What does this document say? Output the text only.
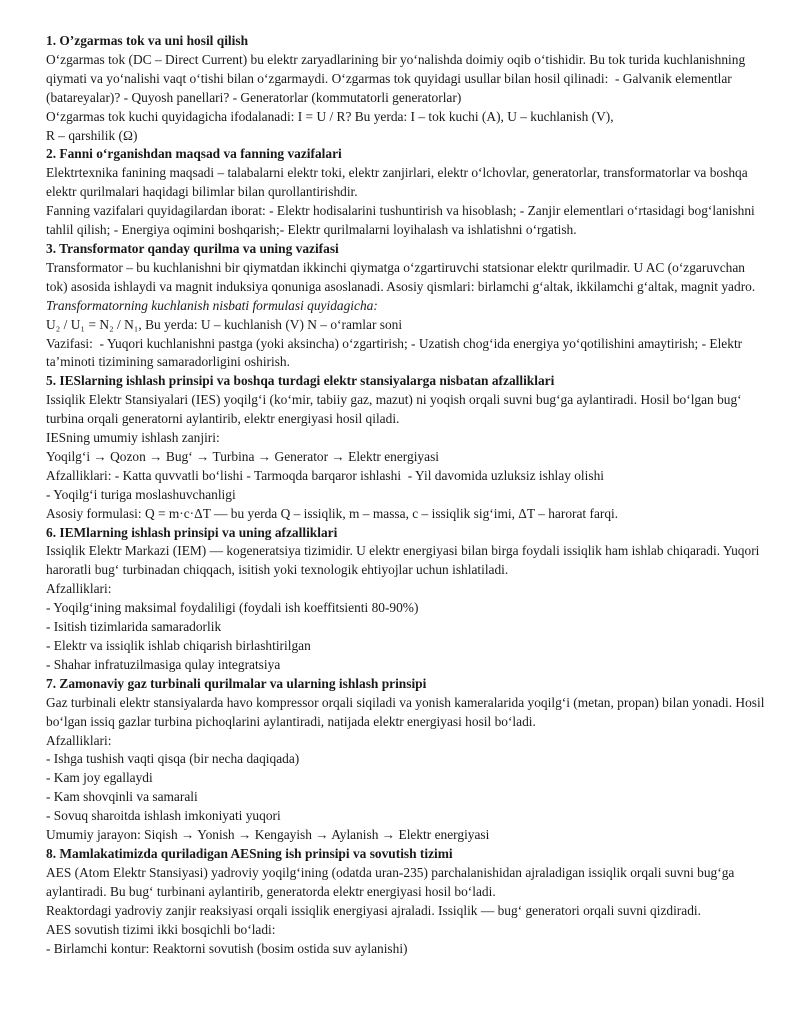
1. O’zgarmas tok va uni hosil qilish

O‘zgarmas tok (DC – Direct Current) bu elektr zaryadlarining bir yo‘nalishda doimiy oqib o‘tishidir. Bu tok turida kuchlanishning qiymati va yo‘nalishi vaqt o‘tishi bilan o‘zgarmaydi. O‘zgarmas tok quyidagi usullar bilan hosil qilinadi:  - Galvanik elementlar (batareyalar)? - Quyosh panellari? - Generatorlar (kommutatorli generatorlar)

O‘zgarmas tok kuchi quyidagicha ifodalanadi: I = U / R? Bu yerda: I – tok kuchi (A), U – kuchlanish (V),

R – qarshilik (Ω)

2. Fanni o‘rganishdan maqsad va fanning vazifalari

Elektrtexnika fanining maqsadi – talabalarni elektr toki, elektr zanjirlari, elektr o‘lchovlar, generatorlar, transformatorlar va boshqa elektr qurilmalari haqidagi bilimlar bilan qurollantirishdir.

Fanning vazifalari quyidagilardan iborat: - Elektr hodisalarini tushuntirish va hisoblash; - Zanjir elementlari o‘rtasidagi bog‘lanishni tahlil qilish; - Energiya oqimini boshqarish;- Elektr qurilmalarni loyihalash va ishlatishni o‘rgatish.

3. Transformator qanday qurilma va uning vazifasi

Transformator – bu kuchlanishni bir qiymatdan ikkinchi qiymatga o‘zgartiruvchi statsionar elektr qurilmadir. U AC (o‘zgaruvchan tok) asosida ishlaydi va magnit induksiya qonuniga asoslanadi. Asosiy qismlari: birlamchi g‘altak, ikkilamchi g‘altak, magnit yadro.

Transformatorning kuchlanish nisbati formulasi quyidagicha:

U₂ / U₁ = N₂ / N₁, Bu yerda: U – kuchlanish (V) N – o‘ramlar soni

Vazifasi:  - Yuqori kuchlanishni pastga (yoki aksincha) o‘zgartirish; - Uzatish chog‘ida energiya yo‘qotilishini amaytirish; - Elektr ta’minoti tizimining samaradorligini oshirish.

5. IESlarning ishlash prinsipi va boshqa turdagi elektr stansiyalarga nisbatan afzalliklari

Issiqlik Elektr Stansiyalari (IES) yoqilg‘i (ko‘mir, tabiiy gaz, mazut) ni yoqish orqali suvni bug‘ga aylantiradi. Hosil bo‘lgan bug‘ turbina orqali generatorni aylantirib, elektr energiyasi hosil qiladi.

IESning umumiy ishlash zanjiri:

Yoqilg‘i → Qozon → Bug‘ → Turbina → Generator → Elektr energiyasi

Afzalliklari: - Katta quvvatli bo‘lishi - Tarmoqda barqaror ishlashi  - Yil davomida uzluksiz ishlay olishi

- Yoqilg‘i turiga moslashuvchanligi

Asosiy formulasi: Q = m·c·ΔT — bu yerda Q – issiqlik, m – massa, c – issiqlik sig‘imi, ΔT – harorat farqi.

6. IEMlarning ishlash prinsipi va uning afzalliklari

Issiqlik Elektr Markazi (IEM) — kogeneratsiya tizimidir. U elektr energiyasi bilan birga foydali issiqlik ham ishlab chiqaradi. Yuqori haroratli bug‘ turbinadan chiqqach, isitish yoki texnologik ehtiyojlar uchun ishlatiladi.

Afzalliklari:

- Yoqilg‘ining maksimal foydaliligi (foydali ish koeffitsienti 80-90%)

- Isitish tizimlarida samaradorlik

- Elektr va issiqlik ishlab chiqarish birlashtirilgan

- Shahar infratuzilmasiga qulay integratsiya

7. Zamonaviy gaz turbinali qurilmalar va ularning ishlash prinsipi

Gaz turbinali elektr stansiyalarda havo kompressor orqali siqiladi va yonish kameralarida yoqilg‘i (metan, propan) bilan yonadi. Hosil bo‘lgan issiq gazlar turbina pichoqlarini aylantiradi, natijada elektr energiyasi hosil bo‘ladi.

Afzalliklari:

- Ishga tushish vaqti qisqa (bir necha daqiqada)

- Kam joy egallaydi

- Kam shovqinli va samarali

- Sovuq sharoitda ishlash imkoniyati yuqori

Umumiy jarayon: Siqish → Yonish → Kengayish → Aylanish → Elektr energiyasi

8. Mamlakatimizda quriladigan AESning ish prinsipi va sovutish tizimi

AES (Atom Elektr Stansiyasi) yadroviy yoqilg‘ining (odatda uran-235) parchalanishidan ajraladigan issiqlik orqali suvni bug‘ga aylantiradi. Bu bug‘ turbinani aylantirib, generatorda elektr energiyasi hosil bo‘ladi.

Reaktordagi yadroviy zanjir reaksiyasi orqali issiqlik energiyasi ajraladi. Issiqlik — bug‘ generatori orqali suvni qizdiradi.

AES sovutish tizimi ikki bosqichli bo‘ladi:

- Birlamchi kontur: Reaktorni sovutish (bosim ostida suv aylanishi)
